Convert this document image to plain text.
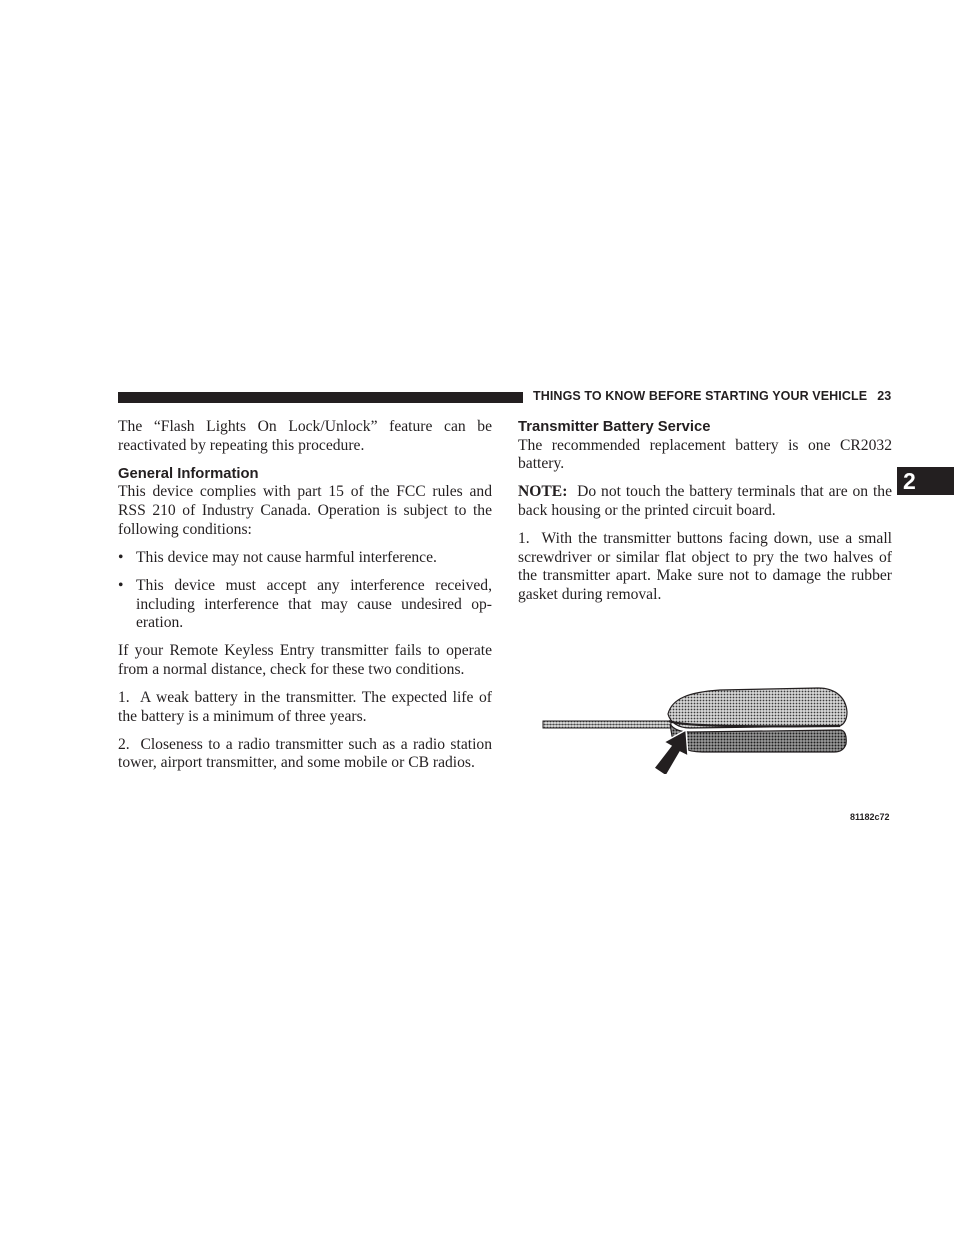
THINGS TO KNOW BEFORE STARTING YOUR VEHICLE 23
2

The “Flash Lights On Lock/Unlock” feature can be reactivated by repeating this procedure.

General Information

This device complies with part 15 of the FCC rules and RSS 210 of Industry Canada. Operation is subject to the following conditions:

• This device may not cause harmful interference.
• This device must accept any interference received, including interference that may cause undesired operation.

If your Remote Keyless Entry transmitter fails to operate from a normal distance, check for these two conditions.

1.  A weak battery in the transmitter. The expected life of the battery is a minimum of three years.

2.  Closeness to a radio transmitter such as a radio station tower, airport transmitter, and some mobile or CB radios.

Transmitter Battery Service

The recommended replacement battery is one CR2032 battery.

NOTE: Do not touch the battery terminals that are on the back housing or the printed circuit board.

1.  With the transmitter buttons facing down, use a small screwdriver or similar flat object to pry the two halves of the transmitter apart. Make sure not to damage the rubber gasket during removal.

81182c72
